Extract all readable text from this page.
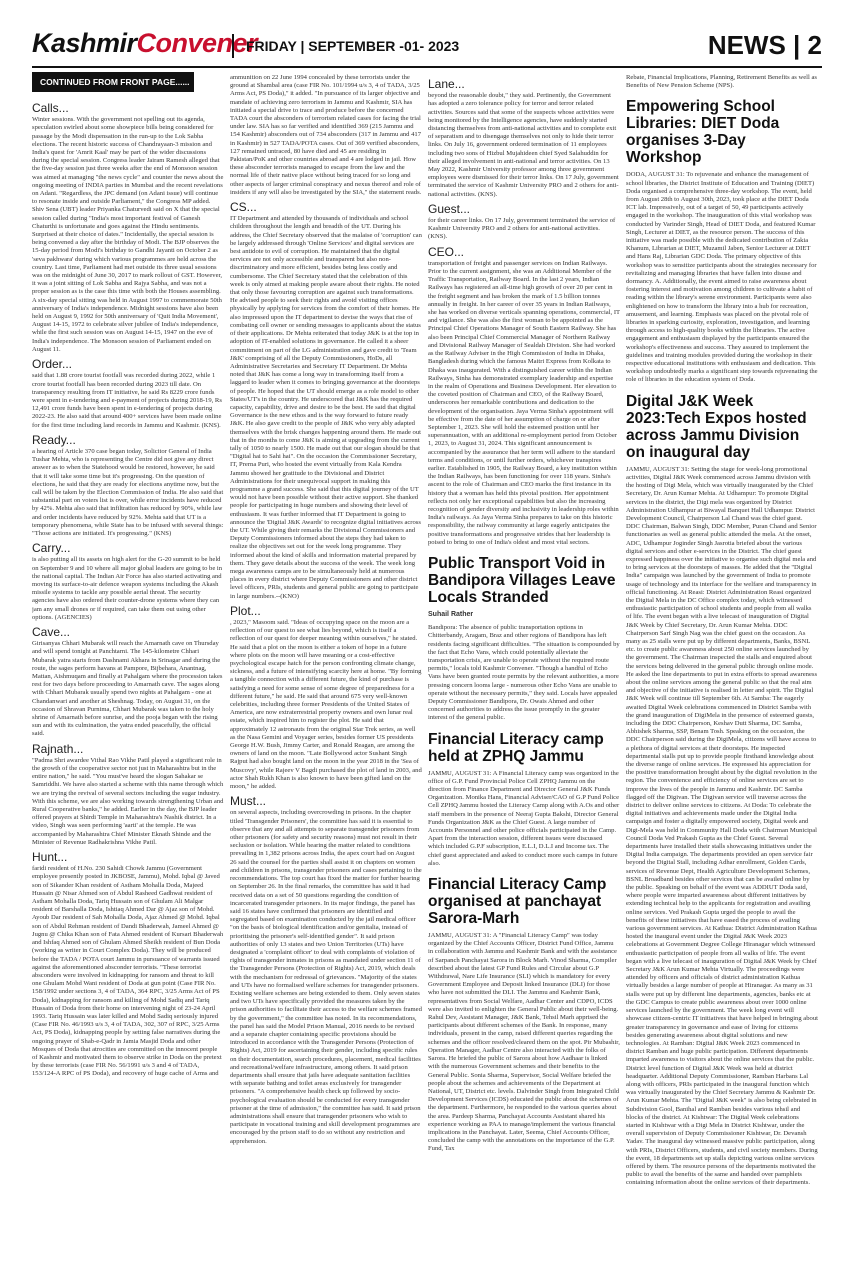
KashmirConvener
FRIDAY | SEPTEMBER -01- 2023	NEWS | 2
CONTINUED FROM FRONT PAGE......
Calls...

Winter sessions. With the government not spelling out its agenda, speculation swirled about some showpiece bills being considered for passage by the Modi dispensation in the run-up to the Lok Sabha elections. The recent historic success of Chandrayaan-3 mission and India's quest for 'Amrit Kaal' may be part of the wider discussions during the special session. Congress leader Jairam Ramesh alleged that the five-day session just three weeks after the end of Monsoon session was aimed at managing "the news cycle" and counter the news about the ongoing meeting of INDIA parties in Mumbai and the recent revelations on Adani. "Regardless, the JPC demand (on Adani issue) will continue to resonate inside and outside Parliament," the Congress MP added. Shiv Sena (UBT) leader Priyanka Chaturvedi said on X that the special session called during "India's most important festival of Ganesh Chaturthi is unfortunate and goes against the Hindu sentiments. Surprised at their choice of dates." Incidentally, the special session is being convened a day after the birthday of Modi. The BJP observes the 15-day period from Modi's birthday to Gandhi Jayanti on October 2 as 'seva pakhwara' during which various programmes are held across the country. Last time, Parliament had met outside its three usual sessions was on the midnight of June 30, 2017 to mark rollout of GST. However, it was a joint sitting of Lok Sabha and Rajya Sabha, and was not a proper session as is the case this time with both the Houses assembling. A six-day special sitting was held in August 1997 to commemorate 50th anniversary of India's independence. Midnight sessions have also been held on August 9, 1992 for 50th anniversary of 'Quit India Movement', August 14-15, 1972 to celebrate silver jubilee of India's independence, while the first such session was on August 14-15, 1947 on the eve of India's independence. The Monsoon session of Parliament ended on August 11.

Order...

said that 1.88 crore tourist footfall was recorded during 2022, while 1 crore tourist footfall has been recorded during 2023 till date. On transparency resulting from IT initiative, he said Rs 8229 crore funds were spent in e-tendering and e-payment of projects during 2018-19, Rs 12,491 crore funds have been spent in e-tendering of projects during 2022-23. He also said that around 400+ services have been made online for the first time including land records in Jammu and Kashmir. (KNS).

Ready...

a hearing of Article 370 case began today, Solicitor General of India Tushar Mehta, who is representing the Centre did not give any direct answer as to when the Statehood would be restored, however, he said that it will take some time but it's progressing. On the question of elections, he said that they are ready for elections anytime now, but the call will be taken by the Election Commission of India. He also said that substantial part on voters list is over, while error incidents have reduced by 42%. Mehta also said that infiltration has reduced by 90%, while law and order incidents have reduced by 92%. Mehta said that UT is a temporary phenomena, while State has to be infused with several things: "Those actions are initiated. It's progressing." (KNS)

Carry...

is also putting all its assets on high alert for the G-20 summit to be held on September 9 and 10 where all major global leaders are going to be in the national capital. The Indian Air Force has also started activating and moving its surface-to-air defence weapon systems including the Akash missile systems to tackle any possible aerial threat. The security agencies have also ordered their counter-drone systems where they can jam any small drones or if required, can take them out using other options. (AGENCIES)

Cave...

Girisanyas Chhari Mubarak will reach the Amarnath cave on Thursday and will spend tonight at Panchtarni. The 145-kilometre Chhari Mubarak yatra starts from Dashnami Akhara in Srinagar and during the route, the sages perform havans at Pampore, Bijbehara, Anantnag, Mattan, Aishmuqam and finally at Pahalgam where the procession takes rest for two days before proceeding to Amarnath cave. The sages along with Chhari Mubarak usually spend two nights at Pahalgam - one at Chandanwari and another at Sheshnag. Today, on August 31, on the occasion of Shravan Purnima, Chhari Mubarak was taken to the holy shrine of Amarnath before sunrise, and the pooja began with the rising sun and with its culmination, the yatra ended peacefully, the official said.

Rajnath...

"Padma Shri awardee Vithal Rao Vikhe Patil played a significant role in the growth of the cooperative sector not just in Maharashtra but in the entire nation," he said. "You must've heard the slogan Sahakar se Samriddhi. We have also started a scheme with this name through which we are trying the revival of several sectors including the sugar industry. With this scheme, we are also working towards strengthening Urban and Rural Cooperative banks," he added. Earlier in the day, the BJP leader offered prayers at Shirdi Temple in Maharashtra's Nashik district. In a video, Singh was seen performing 'aarti' at the temple. He was accompanied by Maharashtra Chief Minister Eknath Shinde and the Minister of Revenue Radhakrishna Vikhe Patil.

Hunt...

faridi resident of H.No. 230 Sahidi Chowk Jammu (Government employee presently posted in JKBOSE, Jammu), Mohd. Iqbal @ Javed son of Sikander Khan resident of Astham Mohalla Doda, Majeed Hussain @ Nisar Ahmed son of Abdul Rasheed Gadhwai resident of Astham Mohalla Doda, Tariq Hussain son of Ghulam Ali Malgar resident of Barshalla Doda, Ishtiaq Ahmed Dar @ Ajaz son of Mohd. Ayoub Dar resident of Sah Mohalla Doda, Ajaz Ahmed @ Mohd. Iqbal son of Abdul Rehman resident of Dandi Bhaderwah, Jameel Ahmed @ Jugnu @ Chika Khan son of Fata Ahmed resident of Kursari Bhaderwah and Ishfaq Ahmed son of Ghulam Ahmed Sheikh resident of Bun Doda (working as writer in Court Complex Doda). They will be produced before the TADA / POTA court Jammu in pursuance of warrants issued against the aforementioned absconder terrorists. "These terrorist absconders were involved in kidnapping for ransom and threat to kill one Ghulam Mohd Wani resident of Doda at gun point (Case FIR No. 158/1992 under sections 3, 4 of TADA, 364 RPC, 3/25 Arms Act of PS Doda), kidnapping for ransom and killing of Mohd Sadiq and Tariq Hussain of Doda from their home on intervening night of 23-24 April 1993. Tariq Hussain was later killed and Mohd Sadiq seriously injured (Case FIR No. 46/1993 u/s 3, 4 of TADA, 302, 307 of RPC, 3/25 Arms Act, PS Doda), kidnapping people by setting false narratives during the ongoing prayer of Shab-e-Qadr in Jamia Masjid Doda and other Mosques of Doda that atrocities are committed on the innocent people of Kashmir and motivated them to observe strike in Doda on the pretext by these terrorists (case FIR No. 56/1991 u/s 3 and 4 of TADA, 153/124-A RPC of PS Doda), and recovery of huge cache of Arms and

ammunition on 22 June 1994 concealed by these terrorists under the ground at Shambal area (case FIR No. 101/1994 u/s 3, 4 of TADA, 3/25 Arms Act, PS Doda)," it added. "In pursuance of its larger objective and mandate of achieving zero terrorism in Jammu and Kashmir, SIA has initiated a special drive to trace and produce before the concerned TADA court the absconders of terrorism related cases for facing the trial under law. SIA has so far verified and identified 369 (215 Jammu and 154 Kashmir) absconders out of 734 absconders (317 in Jammu and 417 in Kashmir) in 527 TADA/POTA cases. Out of 369 verified absconders, 127 remained untraced, 80 have died and 45 are residing in Pakistan/PoK and other countries abroad and 4 are lodged in jail. How these absconder terrorists managed to escape from the law and the normal life of their native place without being traced for so long and other aspects of larger criminal conspiracy and nexus thereof and role of insiders if any will also be investigated by the SIA," the statement reads.

CS...

IT Department and attended by thousands of individuals and school children throughout the length and breadth of the UT. During his address, the Chief Secretary observed that the malaise of 'corruption' can be largely addressed through 'Online Services' and digital services are best antidote to evil of corruption. He maintained that the digital services are not only accessible and transparent but also non-discriminatory and more efficient, besides being less costly and cumbersome. The Chief Secretary stated that the celebration of this week is only aimed at making people aware about their rights. He noted that only those favouring corruption are against such transformations. He advised people to seek their rights and avoid visiting offices physically by applying for services from the comfort of their homes. He also impressed upon the IT department to devise the ways that rise of combating cell owner or sending messages to applicants about the status of their applications. Dr Mehta reiterated that today J&K is at the top in adoption of IT-enabled solutions in governance. He called it a sheer commitment on part of the LG administration and gave credit to 'Team J&K' comprising of all the Deputy Commissioners, HoDs, all Administrative Secretaries and Secretary IT Department. Dr Mehta noted that J&K has come a long way in transforming itself from a laggard to leader when it comes to bringing governance at the doorsteps of people. He hoped that the UT should emerge as a role model to other States/UT's in the country. He underscored that J&K has the required capacity, capability, drive and desire to be the best. He said that digital Governance is the new ethos and is the way forward to future ready J&K. He also gave credit to the people of J&K who very ably adapted themselves with the brisk changes happening around them. He made out that in the months to come J&K is aiming at upgrading from the current tally of 1050 to nearly 1500. He made out that our slogan should be that "Digital hai to Sahi hai". On the occasion the Commissioner Secretary, IT, Prerna Puri, who hosted the event virtually from Kala Kendra Jammu showed her gratitude to the Divisional and District Administrations for their unequivocal support in making this programme a grand success. She said that this digital journey of the UT would not have been possible without their active support. She thanked people for participating in huge numbers and showing their level of enthusiasm. It was further informed that IT Department is going to announce the 'Digital J&K Awards' to recognize digital initiatives across the UT. While giving their remarks the Divisional Commissioners and Deputy Commissioners informed about the steps they had taken to realize the objectives set out for the week long programme. They informed about the kind of skills and information material prepared by them. They gave details about the success of the week. The week long mega awareness camps are to be simultaneously held at numerous places in every district where Deputy Commissioners and other district level officers, PRIs, students and general public are going to participate in large numbers.--(KNO)

Plot...

, 2023," Masoom said. "Ideas of occupying space on the moon are a reflection of our quest to see what lies beyond, which is itself a reflection of our quest for deeper meaning within ourselves," he stated. He said that a plot on the moon is either a token of hope in a future where plots on the moon will have meaning or a cost-effective psychological escape hatch for the person confronting climate change, sickness, and a future of intensifying scarcity here at home. "By forming a tangible connection with a different future, the kind of purchase is satisfying a need for some sense of some degree of preparedness for a different future," he said. He said that around 675 very well-known celebrities, including three former Presidents of the United States of America, are now extraterrestrial property owners and own lunar real estate, which inspired him to register the plot. He said that approximately 12 astronauts from the original Star Trek series, as well as the Nasa Gemini and Voyager series, besides former US presidents George H.W. Bush, Jimmy Carter, and Ronald Reagan, are among the owners of land on the moon. "Late Bollywood actor Sushant Singh Rajput had also bought land on the moon in the year 2018 in the 'Sea of Muscovy', while Rajeev V Bagdi purchased the plot of land in 2003, and actor Shah Rukh Khan is also known to have been gifted land on the moon," he added.

Must...

on several aspects, including overcrowding in prisons. In the chapter titled 'Transgender Prisoners', the committee has said it is essential to observe that any and all attempts to separate transgender prisoners from other prisoners (for safety and security reasons) must not result in their seclusion or isolation. While hearing the matter related to conditions prevailing in 1,382 prisons across India, the apex court had on August 26 said the counsel for the parties shall assist it on chapters on women and children in prisons, transgender prisoners and cases pertaining to the recommendations. The top court has fixed the matter for further hearing on September 26. In the final remarks, the committee has said it had received data on a set of 50 questions regarding the condition of incarcerated transgender prisoners. In its major findings, the panel has said 16 states have confirmed that prisoners are identified and segregated based on examination conducted by the jail medical officer "on the basis of biological identification and/or genitalia, instead of prioritising the prisoner's self-identified gender". It said prison authorities of only 13 states and two Union Territories (UTs) have designated a 'complaint officer' to deal with complaints of violation of rights of transgender inmates in prisons as mandated under section 11 of the Transgender Persons (Protection of Rights) Act, 2019, which deals with the mechanism for redressal of grievances. "Majority of the states and UTs have no formalised welfare schemes for transgender prisoners. Existing welfare schemes are being extended to them. Only seven states and two UTs have specifically provided the measures taken by the prison authorities to facilitate their access to the welfare schemes framed by the government," the committee has noted. In its recommendations, the panel has said the Model Prison Manual, 2016 needs to be revised and a separate chapter containing specific provisions should be introduced in accordance with the Transgender Persons (Protection of Rights) Act, 2019 for ascertaining their gender, including specific rules on their documentation, search procedures, placement, medical facilities and recreational/welfare infrastructure, among others. It said prison departments shall ensure that jails have adequate sanitation facilities with separate bathing and toilet areas exclusively for transgender prisoners. "A comprehensive health check up followed by socio-psychological evaluation should be conducted for every transgender prisoner at the time of admission," the committee has said. It said prison administrations shall ensure that transgender prisoners who wish to participate in vocational training and skill development programmes are encouraged by the prison staff to do so without any restriction and apprehension.

Lane...

beyond the reasonable doubt," they said. Pertinently, the Government has adopted a zero tolerance policy for terror and terror related activities. Sources said that some of the suspects whose activities were being monitored by the Intelligence agencies, have suddenly started distancing themselves from anti-national activities and to complete exit of separatism and to disengage themselves not only to hide their terror links. On July 16, government ordered termination of 11 employees including two sons of Hizbul Mujahideen chief Syed Salahuddin for their alleged involvement in anti-national and terror activities. On 13 May 2022, Kashmir University professor among three government employees were dismissed for their terror links. On 17 July, government terminated the service of Kashmir University PRO and 2 others for anti-national activities. (KNS).

Guest...

for their career links. On 17 July, government terminated the service of Kashmir University PRO and 2 others for anti-national activities. (KNS).

CEO...

transportation of freight and passenger services on Indian Railways. Prior to the current assignment, she was an Additional Member of the Traffic Transportation, Railway Board. In the last 2 years, Indian Railways has registered an all-time high growth of over 20 per cent in the freight segment and has broken the mark of 1.5 billion tonnes annually in freight. In her career of over 35 years in Indian Railways, she has worked on diverse verticals spanning operations, commercial, IT and vigilance. She was also the first woman to be appointed as the Principal Chief Operations Manager of South Eastern Railway. She has also been Principal Chief Commercial Manager of Northern Railway and Divisional Railway Manager of Sealdah Division. She had worked as the Railway Adviser in the High Commission of India in Dhaka, Bangladesh during which the famous Maitri Express from Kolkata to Dhaka was inaugurated. With a distinguished career within the Indian Railways, Sinha has demonstrated exemplary leadership and expertise in the realm of Operations and Business Development. Her elevation to the coveted position of Chairman and CEO, of the Railway Board, underscores her remarkable contributions and dedication to the development of the organisation. Jaya Verma Sinha's appointment will be effective from the date of her assumption of charge on or after September 1, 2023. She will hold the esteemed position until her superannuation, with an additional re-employment period from October 1, 2023, to August 31, 2024. This significant announcement is accompanied by the assurance that her term will adhere to the standard terms and conditions, or until further orders, whichever transpires earlier. Established in 1905, the Railway Board, a key institution within the Indian Railways, has been functioning for over 118 years. Sinha's ascent to the role of Chairman and CEO marks the first instance in its history that a woman has held this pivotal position. Her appointment reflects not only her exceptional capabilities but also the increasing recognition of gender diversity and inclusivity in leadership roles within India's railways. As Jaya Verma Sinha prepares to take on this historic responsibility, the railway community at large eagerly anticipates the positive transformations and progressive strides that her leadership is poised to bring to one of India's oldest and most vital sectors.

Public Transport Void in Bandipora Villages Leave Locals Stranded
Suhail Rather

Bandipora: The absence of public transportation options in Chitterbandy, Aragam, Braz and other regions of Bandipora has left residents facing significant difficulties. "The situation is compounded by the fact that Echo Vans, which could potentially alleviate the transportation crisis, are unable to operate without the required route permits," locals told Kashmir Convener. "Though a handful of Echo Vans have been granted route permits by the relevant authorities, a more pressing concern looms large - numerous other Echo Vans are unable to operate without the necessary permits," they said. Locals have appealed Deputy Commissioner Bandipora, Dr. Owais Ahmed and other concerned authorities to address the issue promptly in the greater interest of the general public.

Financial Literacy camp held at ZPHQ Jammu

JAMMU, AUGUST 31: A Financial Literacy camp was organized in the office of G.P. Fund Provincial Police Cell ZPHQ Jammu on the direction from Finance Department and Director General J&K Funds Organization. Monika Hans, Financial Adviser/CAO of G.P Fund Police Cell ZPHQ Jammu hosted the Literacy Camp along with A.Os and other staff members in the presence of Neeraj Gupta Bakshi, Director General Funds Organization J&K as the Chief Guest. A large number of Accounts Personnel and other police officials participated in the Camp. Apart from the interaction session, different issues were discussed which included G.P.F subscription, E.L.I, D.L.I and Income tax. The chief guest appreciated and asked to conduct more such camps in future also.

Financial Literacy Camp organised at panchayat Sarora-Marh

JAMMU, AUGUST 31: A "Financial Literacy Camp" was today organized by the Chief Accounts Officer, District Fund Office, Jammu in collaboration with Jammu and Kashmir Bank and with the assistance of Sarpanch Panchayat Sarora in Block Marh. Vinod Sharma, Compiler described about the latest GP Fund Rules and Circular about G.P Withdrawal, Nare Life Insurance (SLI) which is mandatory for every Government Employee and Deposit linked Insurance (DLI) for those who have not submitted the DLI. The Jammu and Kashmir Bank, representatives from Social Welfare, Aadhar Center and CDPO, ICDS were also invited to enlighten the General Public about their well-being. Rahul Dev, Assistant Manager, J&K Bank, Tehsil Marh apprised the participants about different schemes of the Bank. In response, many individuals, present in the camp, raised different queries regarding the schemes and the officer resolved/cleared them on the spot. Pir Mubashir, Operation Manager, Aadhar Centre also interacted with the folks of Sarora. He briefed the public of Sarora about how Aadhaar is linked with the numerous Government schemes and their benefits to the General Public. Sonia Sharma, Supervisor, Social Welfare briefed the people about the schemes and achievements of the Department at National, UT, District etc. levels. Dalvinder Singh from Integrated Child Development Services (ICDS) educated the public about the schemes of the department. Furthermore, he responded to the various queries about the area. Pardeep Sharma, Panchayat Accounts Assistant shared his experience working as PAA to manage/implement the various financial implications in the Panchayat. Later, Seema, Chief Accounts Officer, concluded the camp with the annotations on the importance of the G.P. Fund, Tax

Rebate, Financial Implications, Planning, Retirement Benefits as well as Benefits of New Pension Scheme (NPS).

Empowering School Libraries: DIET Doda organises 3-Day Workshop

DODA, AUGUST 31: To rejuvenate and enhance the management of school libraries, the District Institute of Education and Training (DIET) Doda organised a comprehensive three-day workshop. The event, held from August 28th to August 30th, 2023, took place at the DIET Doda ICT lab. Impressively, out of a target of 50, 49 participants actively engaged in the workshop. The inauguration of this vital workshop was conducted by Varinder Singh, Head of DIET Doda, and featured Kumar Singh, Lecturer at DIET, as the resource person. The success of this initiative was made possible with the dedicated contribution of Zakia Khanum, Librarian at DIET, Muzamil Jaben, Senior Lecturer at DIET and Hans Raj, Librarian GDC Doda. The primary objective of this workshop was to sensitize participants about the strategies necessary for revitalizing and managing libraries that have fallen into disuse and dormancy. A. Additionally, the event aimed to raise awareness about fostering interest and motivation among children to cultivate a habit of reading within the library's serene environment. Participants were also enlightened on how to transform the library into a hub for recreation, amusement, and learning. Emphasis was placed on the pivotal role of libraries in sparking curiosity, exploration, investigation, and learning through access to high-quality books within the libraries. The active engagement and enthusiasm displayed by the participants ensured the workshop's effectiveness and success. They assured to implement the guidelines and training modules provided during the workshop in their respective educational institutions with enthusiasm and dedication. This workshop undoubtedly marks a significant step towards rejuvenating the role of libraries in the education system of Doda.

Digital J&K Week 2023:Tech Expos hosted across Jammu Division on inaugural day

JAMMU, AUGUST 31: Setting the stage for week-long promotional activities, Digital J&K Week commenced across Jammu division with the hosting of Digi Mela, which was virtually inaugurated by the Chief Secretary, Dr. Arun Kumar Mehta. At Udhampur: To promote Digital services in the district, the Digi mela was organized by District Administration Udhampur at Biwayal Banquet Hall Udhampur. District Development Council, Chairperson Lal Chand was the chief guest. DDC Chairman, Balwan Singh, DDC Member, Puran Chand and Senior functionaries as well as general public attended the mela. At the onset, ADC, Udhampur Joginder Singh Jasrotia briefed about the various digital services and other e-services in the District. The chief guest expressed happiness over the initiative to organise such digital mela and to bring services at the doorsteps of masses. He added that the "Digital India" campaign was launched by the government of India to promote usage of technology and its interface for the welfare and transparency in official functioning. At Reasi: District Administration Reasi organized the Digital Mela in the DC Office complex today, which witnessed enthusiastic participation of school students and people from all walks of life. The event began with a live telecast of inauguration of Digital J&K Week by Chief Secretary, Dr. Arun Kumar Mehta. DDC Chairperson Sarf Singh Nag was the chief guest on the occasion. As many as 25 stalls were put up by different departments, Banks, BSNL etc. to create public awareness about 250 online services launched by the government. The Chairman inspected the stalls and enquired about the services being delivered in the general public through online mode. He asked the line departments to put in extra efforts to spread awareness about the online services among the general public so that the real aim and objective of the initiative is realised in letter and spirit. The Digital J&K Week will continue till September 6th. At Samba: The eagerly awaited Digital Week celebrations commenced in District Samba with the grand inauguration of DigiMela in the presence of esteemed guests, including the DDC Chairperson, Keshav Dutt Sharma, DC Samba, Abhishek Sharma, SSP, Benam Tosh. Speaking on the occasion, the DDC Chairperson said during the DigiMela, citizens will have access to a plethora of digital services at their doorsteps. He inspected departmental stalls put up to provide people firsthand knowledge about the diverse range of online services. He expressed his appreciation for the positive transformation brought about by the digital revolution in the region. The convenience and efficiency of online services are set to improve the lives of the people in Jammu and Kashmir. DC Samba flagged off the Digivan. The Digivan service will traverse across the district to deliver online services to citizens. At Doda: To celebrate the digital initiatives and achievements made under the Digital India campaign and foster a digitally empowered society, Digital week and Digi-Mela was held in Community Hall Doda with Chairman Municipal Council Doda Ved Prakash Gupta as the Chief Guest. Several departments have installed their stalls showcasing initiatives under the Digital India campaign. The departments provided an open service fair beyond the Digital Stall, including Adhar enrollment, Golden Cards, services of Revenue Dept, Health Agriculture Development Schemes, BSNL Broadband besides other services that can be availed online by the public. Speaking on behalf of the event was ADDIUT Doda said, where people were imparted awareness about different initiatives by extending technical help to the applicants for registration and availing online services. Ved Prakash Gupta urged the people to avail the benefits of these initiatives that have eased the process of availing various government services. At Kathua: District Administration Kathua hosted the inaugural event under the Digital J&K Week 2023 celebrations at Government Degree College Hiranagar which witnessed enthusiastic participation of people from all walks of life. The event began with a live telecast of inauguration of Digital J&K Week by Chief Secretary J&K Arun Kumar Mehta Virtually. The proceedings were attended by officers and officials of district administration Kathua virtually besides a large number of people at Hiranagar. As many as 31 stalls were put up by different line departments, agencies, banks etc at the GDC Campus to create public awareness about over 1000 online services launched by the government. The week long event will showcase citizen-centric IT initiatives that have helped in bringing about greater transparency in governance and ease of living for citizens besides generating awareness about digital solutions and new technologies. At Ramban: Digital J&K Week 2023 commenced in district Ramban and huge public participation. Different departments imparted awareness to visitors about the online services that the public. District level function of Digital J&K Week was held at district headquarter. Additional Deputy Commissioner, Ramban Harbans Lal along with officers, PRIs participated in the inaugural function which was virtually inaugurated by the Chief Secretary Jammu & Kashmir Dr. Arun Kumar Mehta. The "Digital J&K week" is also being celebrated in Subdivision Gool, Banihal and Ramban besides various tehsil and blocks of the district. At Kishtwar: The Digital Week celebrations started in Kishtwar with a Digi Mela in District Kishtwar, under the overall supervision of Deputy Commissioner Kishtwar, Dr. Devansh Yadav. The inaugural day witnessed massive public participation, along with PRIs, District Officers, students, and civil society members. During the event, 18 departments set up stalls depicting various online services offered by them. The resource persons of the departments motivated the public to avail the benefits of the same and handed over pamphlets containing information about the online services of their departments.
